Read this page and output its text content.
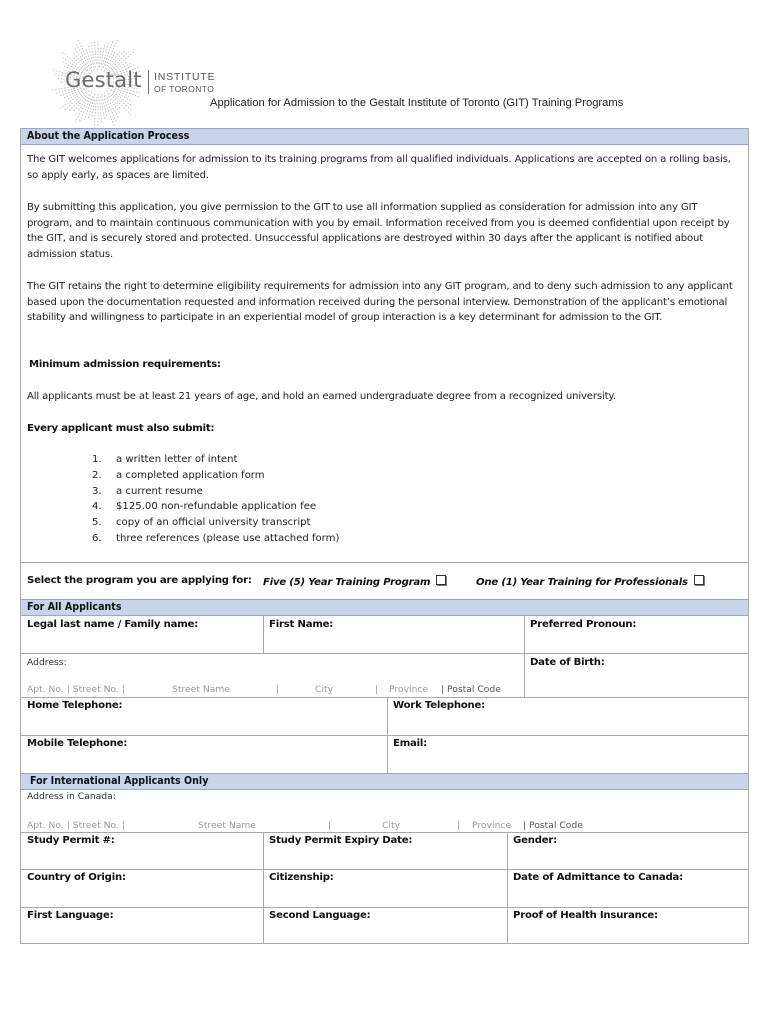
Gestalt INSTITUTE
OF TORONTO
Application for Admission to the Gestalt Institute of Toronto (GIT) Training Programs
About the Application Process
The GIT welcomes applications for admission to its training programs from all qualified individuals. Applications are accepted on a rolling basis, so apply early, as spaces are limited.
By submitting this application, you give permission to the GIT to use all information supplied as consideration for admission into any GIT program, and to maintain continuous communication with you by email. Information received from you is deemed confidential upon receipt by the GIT, and is securely stored and protected. Unsuccessful applications are destroyed within 30 days after the applicant is notified about admission status.
The GIT retains the right to determine eligibility requirements for admission into any GIT program, and to deny such admission to any applicant based upon the documentation requested and information received during the personal interview. Demonstration of the applicant’s emotional stability and willingness to participate in an experiential model of group interaction is a key determinant for admission to the GIT.
Minimum admission requirements:
All applicants must be at least 21 years of age, and hold an earned undergraduate degree from a recognized university.
Every applicant must also submit:
1. a written letter of intent
2. a completed application form
3. a current resume
4. $125.00 non-refundable application fee
5. copy of an official university transcript
6. three references (please use attached form)
Select the program you are applying for: Five (5) Year Training Program	One (1) Year Training for Professionals
For All Applicants
Legal last name / Family name:	First Name:	Preferred Pronoun:
Address:	Date of Birth:
Apt. No. | Street No. |	Street Name	|	City	| Province | Postal Code
Home Telephone:	Work Telephone:
Mobile Telephone:	Email:
For International Applicants Only
Address in Canada:
Apt. No. | Street No. |	Street Name	|	City	| Province | Postal Code
Study Permit #:	Study Permit Expiry Date:	Gender:
Country of Origin:	Citizenship:	Date of Admittance to Canada:
First Language:	Second Language:	Proof of Health Insurance:
